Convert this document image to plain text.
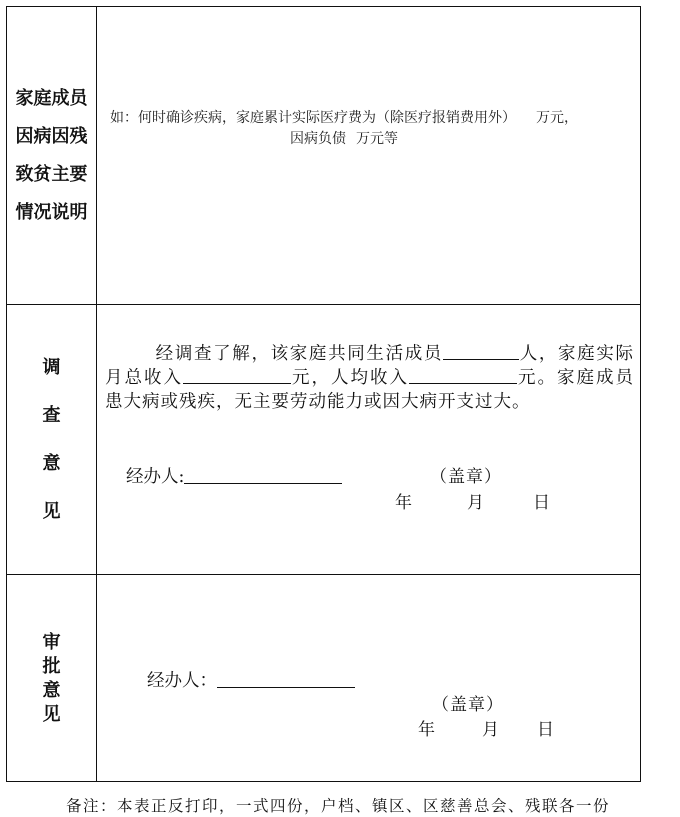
家庭成员
因病因残
致贫主要
情况说明
调
查
意
见
审
批
意
见
如：何时确诊疾病，家庭累计实际医疗费为（除医疗报销费用外） 万元，
因病负债 万元等
经调查了解，该家庭共同生活成员	人，家庭实际月总收入	元，人均收入	元。家庭成员患大病或残疾，无主要劳动能力或因大病开支过大。
经办人:	（盖章）
年	月	日
经办人：
（盖章）
年	月 日
备注：本表正反打印，一式四份，户档、镇区、区慈善总会、残联各一份
